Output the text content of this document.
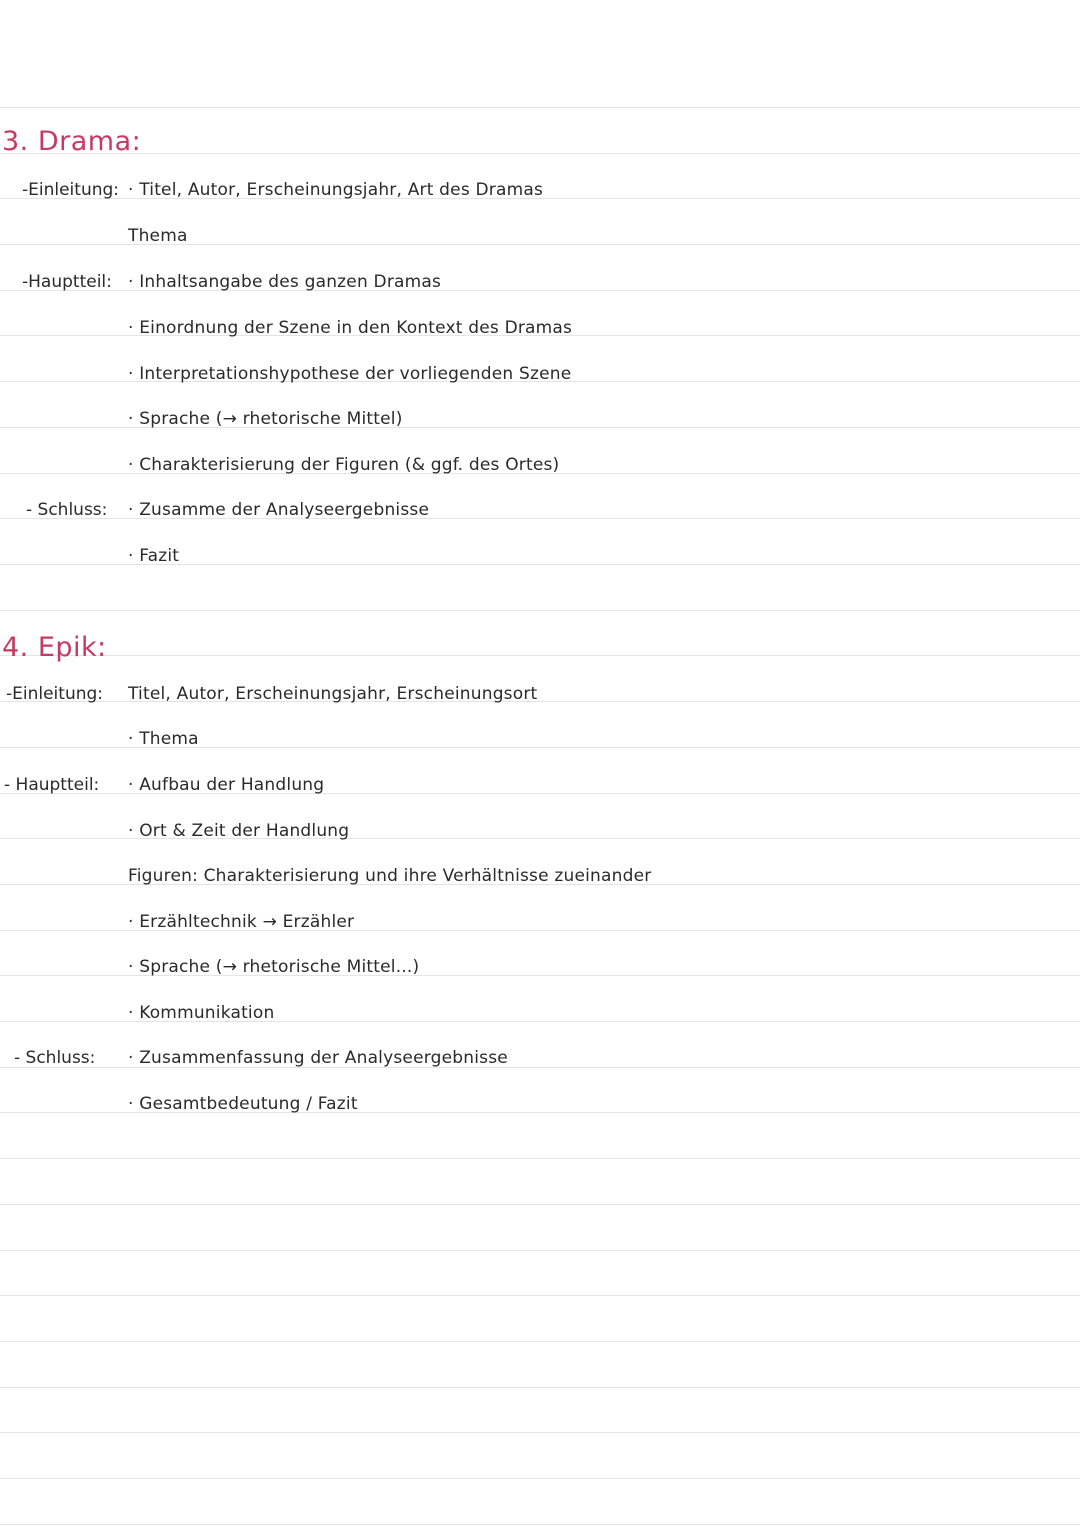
3. Drama:
-Einleitung: · Titel, Autor, Erscheinungsjahr, Art des Dramas
Thema
-Hauptteil: · Inhaltsangabe des ganzen Dramas
· Einordnung der Szene in den Kontext des Dramas
· Interpretationshypothese der vorliegenden Szene
· Sprache (→ rhetorische Mittel)
· Charakterisierung der Figuren (& ggf. des Ortes)
- Schluss: · Zusamme der Analyseergebnisse
· Fazit
4. Epik:
-Einleitung: Titel, Autor, Erscheinungsjahr, Erscheinungsort
· Thema
- Hauptteil: · Aufbau der Handlung
· Ort & Zeit der Handlung
Figuren: Charakterisierung und ihre Verhältnisse zueinander
· Erzähltechnik → Erzähler
· Sprache (→ rhetorische Mittel...)
· Kommunikation
- Schluss: · Zusammenfassung der Analyseergebnisse
· Gesamtbedeutung / Fazit
